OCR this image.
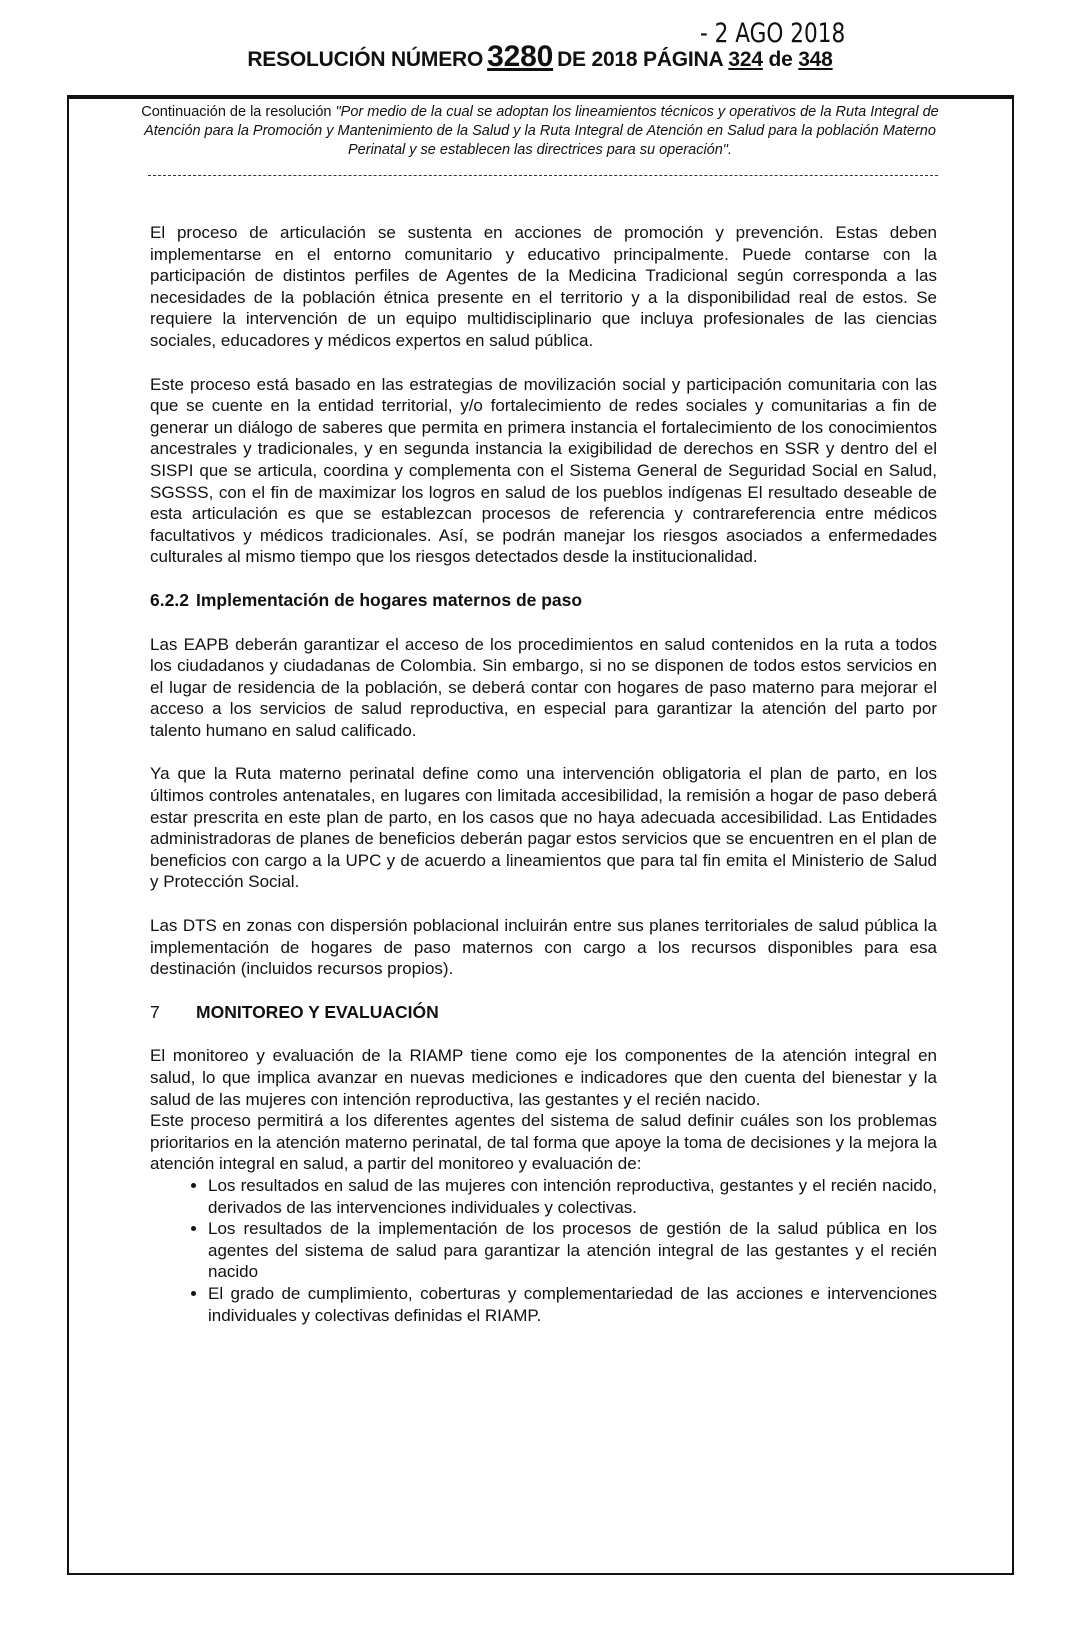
- 2 AGO 2018
RESOLUCIÓN NÚMERO 3280 DE 2018 PÁGINA 324 de 348
Continuación de la resolución "Por medio de la cual se adoptan los lineamientos técnicos y operativos de la Ruta Integral de Atención para la Promoción y Mantenimiento de la Salud y la Ruta Integral de Atención en Salud para la población Materno Perinatal y se establecen las directrices para su operación".

El proceso de articulación se sustenta en acciones de promoción y prevención. Estas deben implementarse en el entorno comunitario y educativo principalmente. Puede contarse con la participación de distintos perfiles de Agentes de la Medicina Tradicional según corresponda a las necesidades de la población étnica presente en el territorio y a la disponibilidad real de estos. Se requiere la intervención de un equipo multidisciplinario que incluya profesionales de las ciencias sociales, educadores y médicos expertos en salud pública.

Este proceso está basado en las estrategias de movilización social y participación comunitaria con las que se cuente en la entidad territorial, y/o fortalecimiento de redes sociales y comunitarias a fin de generar un diálogo de saberes que permita en primera instancia el fortalecimiento de los conocimientos ancestrales y tradicionales, y en segunda instancia la exigibilidad de derechos en SSR y dentro del el SISPI que se articula, coordina y complementa con el Sistema General de Seguridad Social en Salud, SGSSS, con el fin de maximizar los logros en salud de los pueblos indígenas El resultado deseable de esta articulación es que se establezcan procesos de referencia y contrareferencia entre médicos facultativos y médicos tradicionales. Así, se podrán manejar los riesgos asociados a enfermedades culturales al mismo tiempo que los riesgos detectados desde la institucionalidad.

6.2.2 Implementación de hogares maternos de paso

Las EAPB deberán garantizar el acceso de los procedimientos en salud contenidos en la ruta a todos los ciudadanos y ciudadanas de Colombia. Sin embargo, si no se disponen de todos estos servicios en el lugar de residencia de la población, se deberá contar con hogares de paso materno para mejorar el acceso a los servicios de salud reproductiva, en especial para garantizar la atención del parto por talento humano en salud calificado.

Ya que la Ruta materno perinatal define como una intervención obligatoria el plan de parto, en los últimos controles antenatales, en lugares con limitada accesibilidad, la remisión a hogar de paso deberá estar prescrita en este plan de parto, en los casos que no haya adecuada accesibilidad. Las Entidades administradoras de planes de beneficios deberán pagar estos servicios que se encuentren en el plan de beneficios con cargo a la UPC y de acuerdo a lineamientos que para tal fin emita el Ministerio de Salud y Protección Social.

Las DTS en zonas con dispersión poblacional incluirán entre sus planes territoriales de salud pública la implementación de hogares de paso maternos con cargo a los recursos disponibles para esa destinación (incluidos recursos propios).

7 MONITOREO Y EVALUACIÓN

El monitoreo y evaluación de la RIAMP tiene como eje los componentes de la atención integral en salud, lo que implica avanzar en nuevas mediciones e indicadores que den cuenta del bienestar y la salud de las mujeres con intención reproductiva, las gestantes y el recién nacido.

Este proceso permitirá a los diferentes agentes del sistema de salud definir cuáles son los problemas prioritarios en la atención materno perinatal, de tal forma que apoye la toma de decisiones y la mejora la atención integral en salud, a partir del monitoreo y evaluación de:

• Los resultados en salud de las mujeres con intención reproductiva, gestantes y el recién nacido, derivados de las intervenciones individuales y colectivas.
• Los resultados de la implementación de los procesos de gestión de la salud pública en los agentes del sistema de salud para garantizar la atención integral de las gestantes y el recién nacido
• El grado de cumplimiento, coberturas y complementariedad de las acciones e intervenciones individuales y colectivas definidas el RIAMP.
